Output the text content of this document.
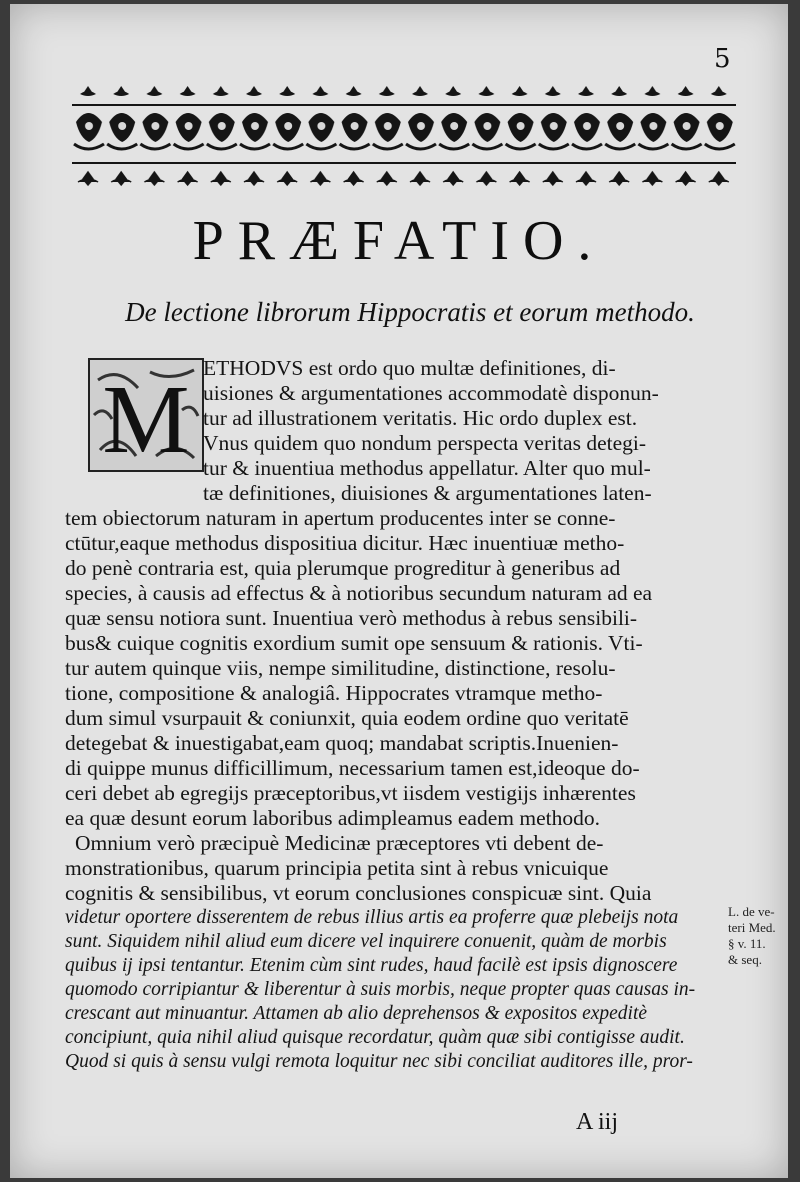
5
PRÆFATIO.
De lectione librorum Hippocratis et eorum methodo.
M ETHODVS est ordo quo multæ definitiones, di-
uisiones & argumentationes accommodatè disponun-
tur ad illustrationem veritatis. Hic ordo duplex est.
Vnus quidem quo nondum perspecta veritas detegi-
tur & inuentiua methodus appellatur. Alter quo mul-
tæ definitiones, diuisiones & argumentationes laten-
tem obiectorum naturam in apertum producentes inter se conne-
ctūtur,eaque methodus dispositiua dicitur. Hæc inuentiuæ metho-
do penè contraria est, quia plerumque progreditur à generibus ad
species, à causis ad effectus & à notioribus secundum naturam ad ea
quæ sensu notiora sunt. Inuentiua verò methodus à rebus sensibili-
bus& cuique cognitis exordium sumit ope sensuum & rationis. Vti-
tur autem quinque viis, nempe similitudine, distinctione, resolu-
tione, compositione & analogiâ. Hippocrates vtramque metho-
dum simul vsurpauit & coniunxit, quia eodem ordine quo veritatē
detegebat & inuestigabat,eam quoq; mandabat scriptis.Inuenien-
di quippe munus difficillimum, necessarium tamen est,ideoque do-
ceri debet ab egregijs præceptoribus,vt iisdem vestigijs inhærentes
ea quæ desunt eorum laboribus adimpleamus eadem methodo.
Omnium verò præcipuè Medicinæ præceptores vti debent de-
monstrationibus, quarum principia petita sint à rebus vnicuique
cognitis & sensibilibus, vt eorum conclusiones conspicuæ sint. Quia
videtur oportere disserentem de rebus illius artis ea proferre quæ plebeijs nota
sunt. Siquidem nihil aliud eum dicere vel inquirere conuenit, quàm de morbis
quibus ij ipsi tentantur. Etenim cùm sint rudes, haud facilè est ipsis dignoscere
quomodo corripiantur & liberentur à suis morbis, neque propter quas causas in-
crescant aut minuantur. Attamen ab alio deprehensos & expositos expeditè
concipiunt, quia nihil aliud quisque recordatur, quàm quæ sibi contigisse audit.
Quod si quis à sensu vulgi remota loquitur nec sibi conciliat auditores ille, pror-
L. de ve-
teri Med.
§ v. 11.
& seq.
A iij
